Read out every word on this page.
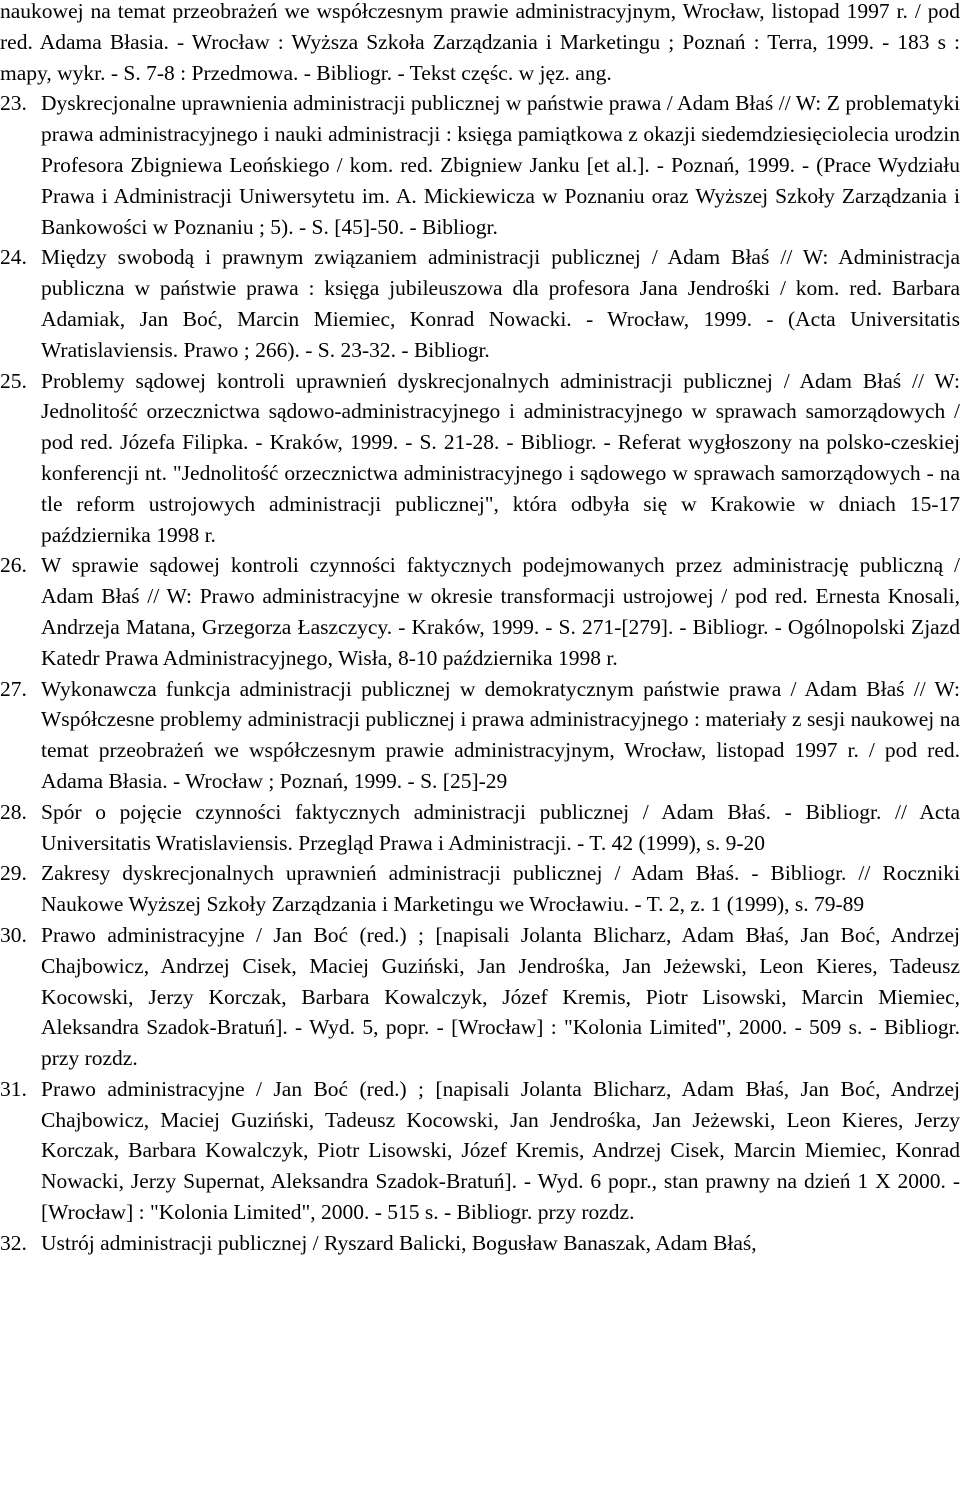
naukowej na temat przeobrażeń we współczesnym prawie administracyjnym, Wrocław, listopad 1997 r. / pod red. Adama Błasia. - Wrocław : Wyższa Szkoła Zarządzania i Marketingu ; Poznań : Terra, 1999. - 183 s : mapy, wykr. - S. 7-8 : Przedmowa. - Bibliogr. - Tekst częśc. w jęz. ang.
23. Dyskrecjonalne uprawnienia administracji publicznej w państwie prawa / Adam Błaś // W: Z problematyki prawa administracyjnego i nauki administracji : księga pamiątkowa z okazji siedemdziesięciolecia urodzin Profesora Zbigniewa Leońskiego / kom. red. Zbigniew Janku [et al.]. - Poznań, 1999. - (Prace Wydziału Prawa i Administracji Uniwersytetu im. A. Mickiewicza w Poznaniu oraz Wyższej Szkoły Zarządzania i Bankowości w Poznaniu ; 5). - S. [45]-50. - Bibliogr.
24. Między swobodą i prawnym związaniem administracji publicznej / Adam Błaś // W: Administracja publiczna w państwie prawa : księga jubileuszowa dla profesora Jana Jendrośki / kom. red. Barbara Adamiak, Jan Boć, Marcin Miemiec, Konrad Nowacki. - Wrocław, 1999. - (Acta Universitatis Wratislaviensis. Prawo ; 266). - S. 23-32. - Bibliogr.
25. Problemy sądowej kontroli uprawnień dyskrecjonalnych administracji publicznej / Adam Błaś // W: Jednolitość orzecznictwa sądowo-administracyjnego i administracyjnego w sprawach samorządowych / pod red. Józefa Filipka. - Kraków, 1999. - S. 21-28. - Bibliogr. - Referat wygłoszony na polsko-czeskiej konferencji nt. "Jednolitość orzecznictwa administracyjnego i sądowego w sprawach samorządowych - na tle reform ustrojowych administracji publicznej", która odbyła się w Krakowie w dniach 15-17 października 1998 r.
26. W sprawie sądowej kontroli czynności faktycznych podejmowanych przez administrację publiczną / Adam Błaś // W: Prawo administracyjne w okresie transformacji ustrojowej / pod red. Ernesta Knosali, Andrzeja Matana, Grzegorza Łaszczycy. - Kraków, 1999. - S. 271-[279]. - Bibliogr. - Ogólnopolski Zjazd Katedr Prawa Administracyjnego, Wisła, 8-10 października 1998 r.
27. Wykonawcza funkcja administracji publicznej w demokratycznym państwie prawa / Adam Błaś // W: Współczesne problemy administracji publicznej i prawa administracyjnego : materiały z sesji naukowej na temat przeobrażeń we współczesnym prawie administracyjnym, Wrocław, listopad 1997 r. / pod red. Adama Błasia. - Wrocław ; Poznań, 1999. - S. [25]-29
28. Spór o pojęcie czynności faktycznych administracji publicznej / Adam Błaś. - Bibliogr. // Acta Universitatis Wratislaviensis. Przegląd Prawa i Administracji. - T. 42 (1999), s. 9-20
29. Zakresy dyskrecjonalnych uprawnień administracji publicznej / Adam Błaś. - Bibliogr. // Roczniki Naukowe Wyższej Szkoły Zarządzania i Marketingu we Wrocławiu. - T. 2, z. 1 (1999), s. 79-89
30. Prawo administracyjne / Jan Boć (red.) ; [napisali Jolanta Blicharz, Adam Błaś, Jan Boć, Andrzej Chajbowicz, Andrzej Cisek, Maciej Guziński, Jan Jendrośka, Jan Jeżewski, Leon Kieres, Tadeusz Kocowski, Jerzy Korczak, Barbara Kowalczyk, Józef Kremis, Piotr Lisowski, Marcin Miemiec, Aleksandra Szadok-Bratuń]. - Wyd. 5, popr. - [Wrocław] : "Kolonia Limited", 2000. - 509 s. - Bibliogr. przy rozdz.
31. Prawo administracyjne / Jan Boć (red.) ; [napisali Jolanta Blicharz, Adam Błaś, Jan Boć, Andrzej Chajbowicz, Maciej Guziński, Tadeusz Kocowski, Jan Jendrośka, Jan Jeżewski, Leon Kieres, Jerzy Korczak, Barbara Kowalczyk, Piotr Lisowski, Józef Kremis, Andrzej Cisek, Marcin Miemiec, Konrad Nowacki, Jerzy Supernat, Aleksandra Szadok-Bratuń]. - Wyd. 6 popr., stan prawny na dzień 1 X 2000. - [Wrocław] : "Kolonia Limited", 2000. - 515 s. - Bibliogr. przy rozdz.
32. Ustrój administracji publicznej / Ryszard Balicki, Bogusław Banaszak, Adam Błaś,
